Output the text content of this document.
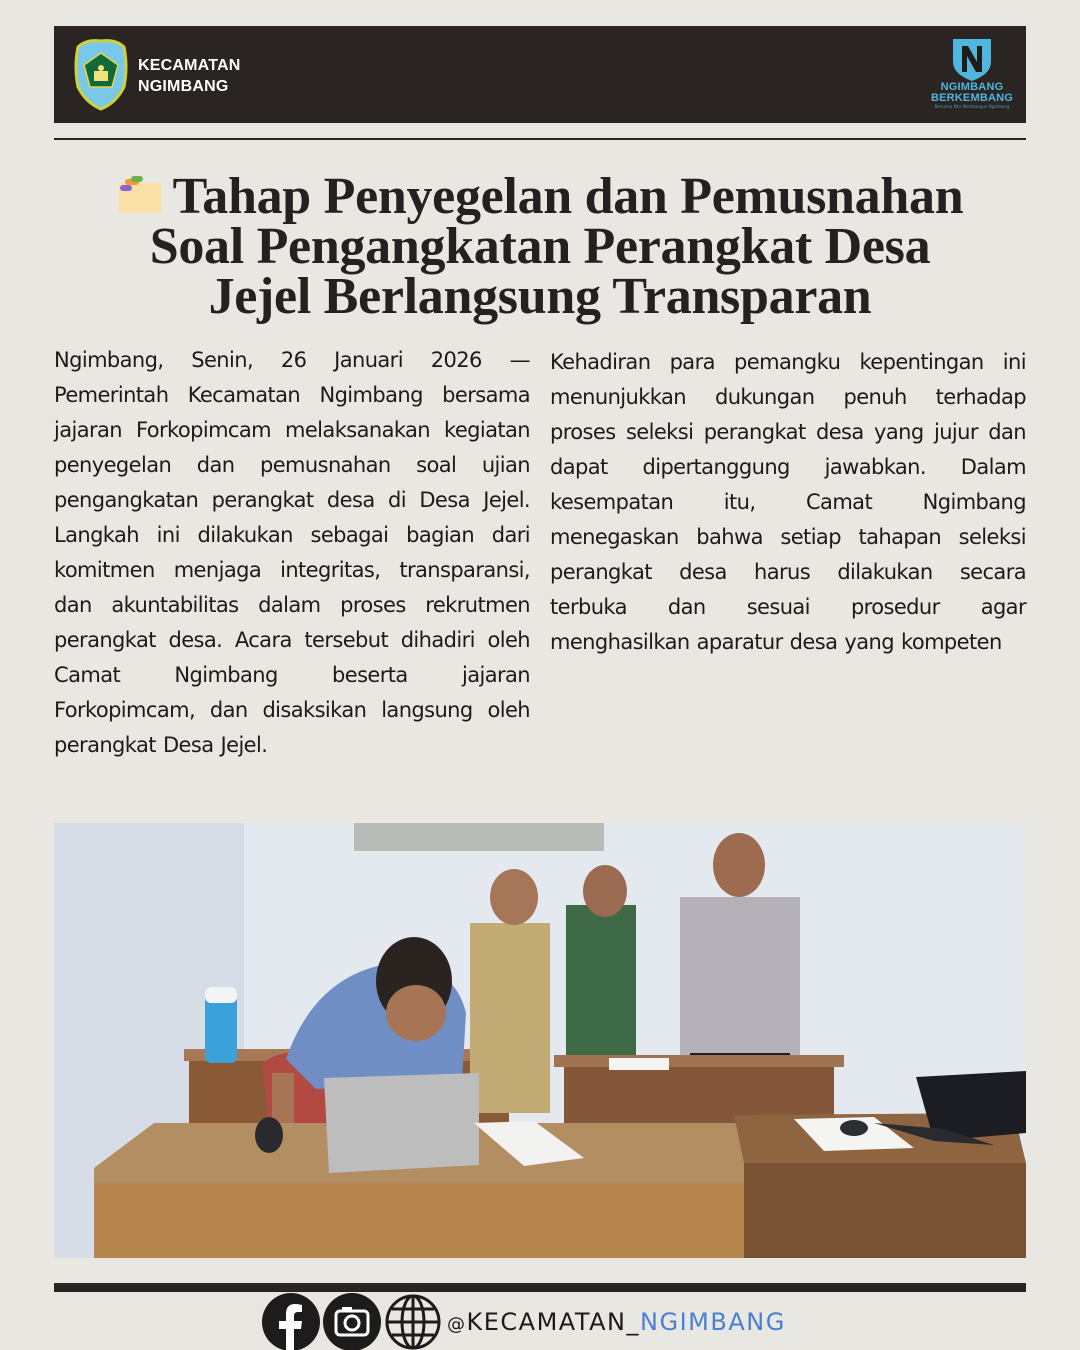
KECAMATAN
NGIMBANG	NGIMBANG
BERKEMBANG
Bersama Kita Membangun Ngimbang
Tahap Penyegelan dan Pemusnahan
Soal Pengangkatan Perangkat Desa
Jejel Berlangsung Transparan

Ngimbang, Senin, 26 Januari 2026 — Pemerintah Kecamatan Ngimbang bersama jajaran Forkopimcam melaksanakan kegiatan penyegelan dan pemusnahan soal ujian pengangkatan perangkat desa di Desa Jejel. Langkah ini dilakukan sebagai bagian dari komitmen menjaga integritas, transparansi, dan akuntabilitas dalam proses rekrutmen perangkat desa. Acara tersebut dihadiri oleh Camat Ngimbang beserta jajaran Forkopimcam, dan disaksikan langsung oleh perangkat Desa Jejel.

Kehadiran para pemangku kepentingan ini menunjukkan dukungan penuh terhadap proses seleksi perangkat desa yang jujur dan dapat dipertanggung jawabkan. Dalam kesempatan itu, Camat Ngimbang menegaskan bahwa setiap tahapan seleksi perangkat desa harus dilakukan secara terbuka dan sesuai prosedur agar menghasilkan aparatur desa yang kompeten

@KECAMATAN_NGIMBANG
